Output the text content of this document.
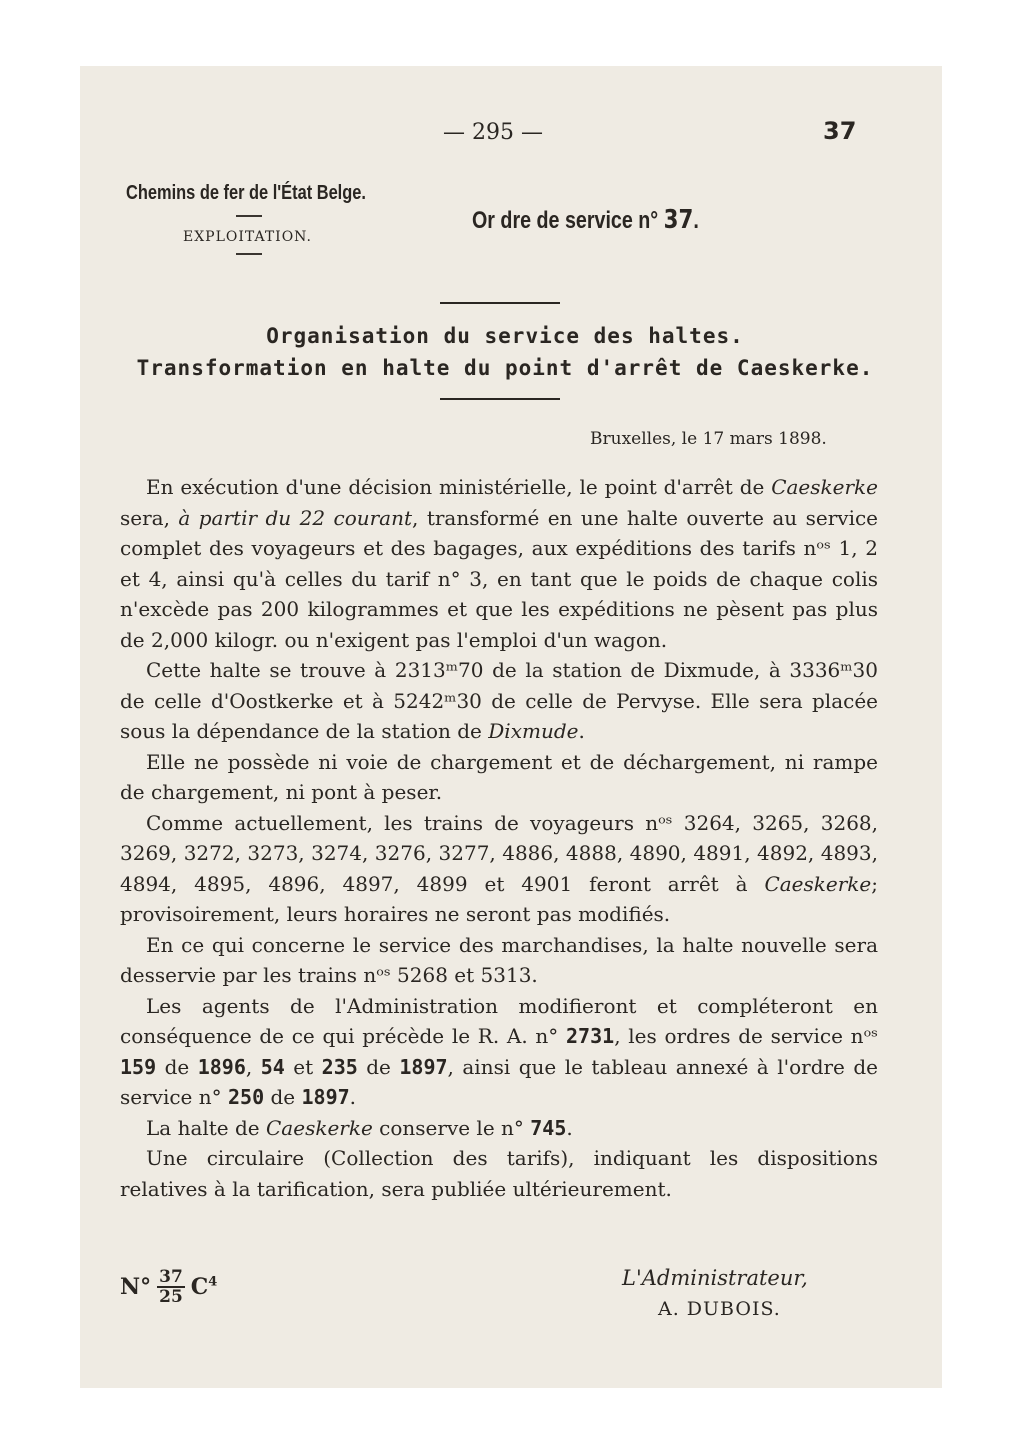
— 295 —	37
Chemins de fer de l'État Belge.
EXPLOITATION.
Or dre de service n° 37.
Organisation du service des haltes.
Transformation en halte du point d'arrêt de Caeskerke.
Bruxelles, le 17 mars 1898.

En exécution d'une décision ministérielle, le point d'arrêt de Caeskerke sera, à partir du 22 courant, transformé en une halte ouverte au service complet des voyageurs et des bagages, aux expéditions des tarifs nᵒˢ 1, 2 et 4, ainsi qu'à celles du tarif n° 3, en tant que le poids de chaque colis n'excède pas 200 kilogrammes et que les expéditions ne pèsent pas plus de 2,000 kilogr. ou n'exigent pas l'emploi d'un wagon.

Cette halte se trouve à 2313ᵐ70 de la station de Dixmude, à 3336ᵐ30 de celle d'Oostkerke et à 5242ᵐ30 de celle de Pervyse. Elle sera placée sous la dépendance de la station de Dixmude.

Elle ne possède ni voie de chargement et de déchargement, ni rampe de chargement, ni pont à peser.

Comme actuellement, les trains de voyageurs nᵒˢ 3264, 3265, 3268, 3269, 3272, 3273, 3274, 3276, 3277, 4886, 4888, 4890, 4891, 4892, 4893, 4894, 4895, 4896, 4897, 4899 et 4901 feront arrêt à Caeskerke; provisoirement, leurs horaires ne seront pas modifiés.

En ce qui concerne le service des marchandises, la halte nouvelle sera desservie par les trains nᵒˢ 5268 et 5313.

Les agents de l'Administration modifieront et compléteront en conséquence de ce qui précède le R. A. n° 2731, les ordres de service nᵒˢ 159 de 1896, 54 et 235 de 1897, ainsi que le tableau annexé à l'ordre de service n° 250 de 1897.

La halte de Caeskerke conserve le n° 745.

Une circulaire (Collection des tarifs), indiquant les dispositions relatives à la tarification, sera publiée ultérieurement.

$N^\circ \frac{37}{25} C^4$	L'Administrateur,
A. DUBOIS.
